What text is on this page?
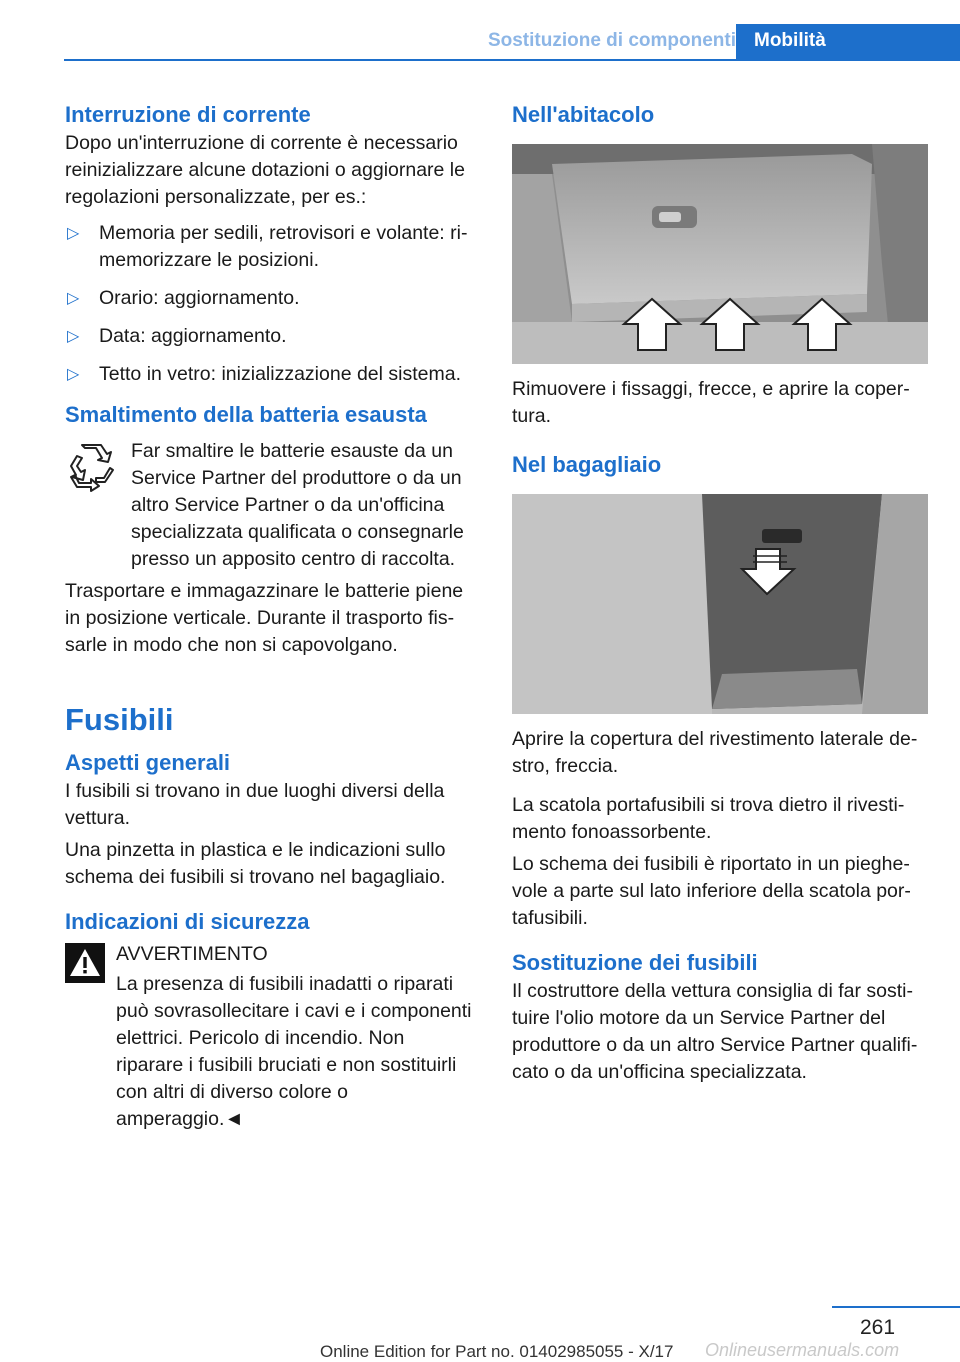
Sostituzione di componenti Mobilità
Interruzione di corrente
Dopo un'interruzione di corrente è necessario reinizializzare alcune dotazioni o aggiornare le regolazioni personalizzate, per es.:
▷ Memoria per sedili, retrovisori e volante: rimemorizzare le posizioni.
▷ Orario: aggiornamento.
▷ Data: aggiornamento.
▷ Tetto in vetro: inizializzazione del sistema.
Smaltimento della batteria esausta
Far smaltire le batterie esauste da un Service Partner del produttore o da un altro Service Partner o da un'officina specializzata qualificata o consegnarle presso un apposito centro di raccolta.
Trasportare e immagazzinare le batterie piene in posizione verticale. Durante il trasporto fissarle in modo che non si capovolgano.
Fusibili
Aspetti generali
I fusibili si trovano in due luoghi diversi della vettura.
Una pinzetta in plastica e le indicazioni sullo schema dei fusibili si trovano nel bagagliaio.
Indicazioni di sicurezza
AVVERTIMENTO
La presenza di fusibili inadatti o riparati può sovrasollecitare i cavi e i componenti elettrici. Pericolo di incendio. Non riparare i fusibili bruciati e non sostituirli con altri di diverso colore o amperaggio.◄
Nell'abitacolo
Rimuovere i fissaggi, frecce, e aprire la copertura.
Nel bagagliaio
Aprire la copertura del rivestimento laterale destro, freccia.
La scatola portafusibili si trova dietro il rivestimento fonoassorbente.
Lo schema dei fusibili è riportato in un pieghevole a parte sul lato inferiore della scatola portafusibili.
Sostituzione dei fusibili
Il costruttore della vettura consiglia di far sostituire l'olio motore da un Service Partner del produttore o da un altro Service Partner qualificato o da un'officina specializzata.
261
Online Edition for Part no. 01402985055 - X/17 Onlineusermanuals.com
